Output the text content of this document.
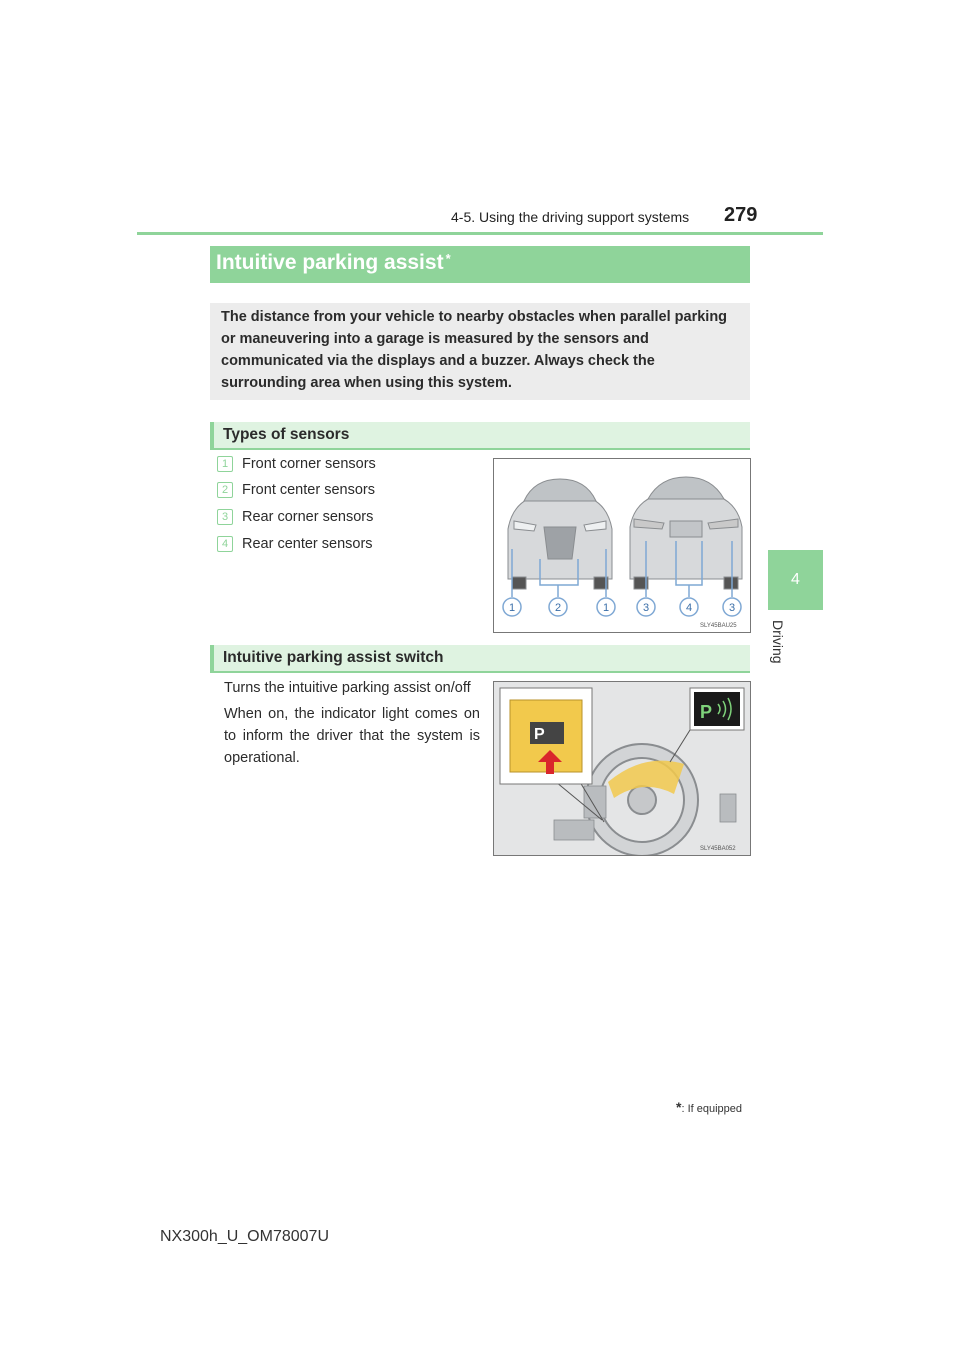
4-5. Using the driving support systems 279
4
Driving
Intuitive parking assist *

The distance from your vehicle to nearby obstacles when parallel parking or maneuvering into a garage is measured by the sensors and communicated via the displays and a buzzer. Always check the surrounding area when using this system.

Types of sensors
1 Front corner sensors
2 Front center sensors
3 Rear corner sensors
4 Rear center sensors
1	2	1	3	4	3
SLY45BAU25
Intuitive parking assist switch

Turns the intuitive parking assist on/off

When on, the indicator light comes on to inform the driver that the system is operational.

P
P
SLY45BA052
*: If equipped
NX300h_U_OM78007U
